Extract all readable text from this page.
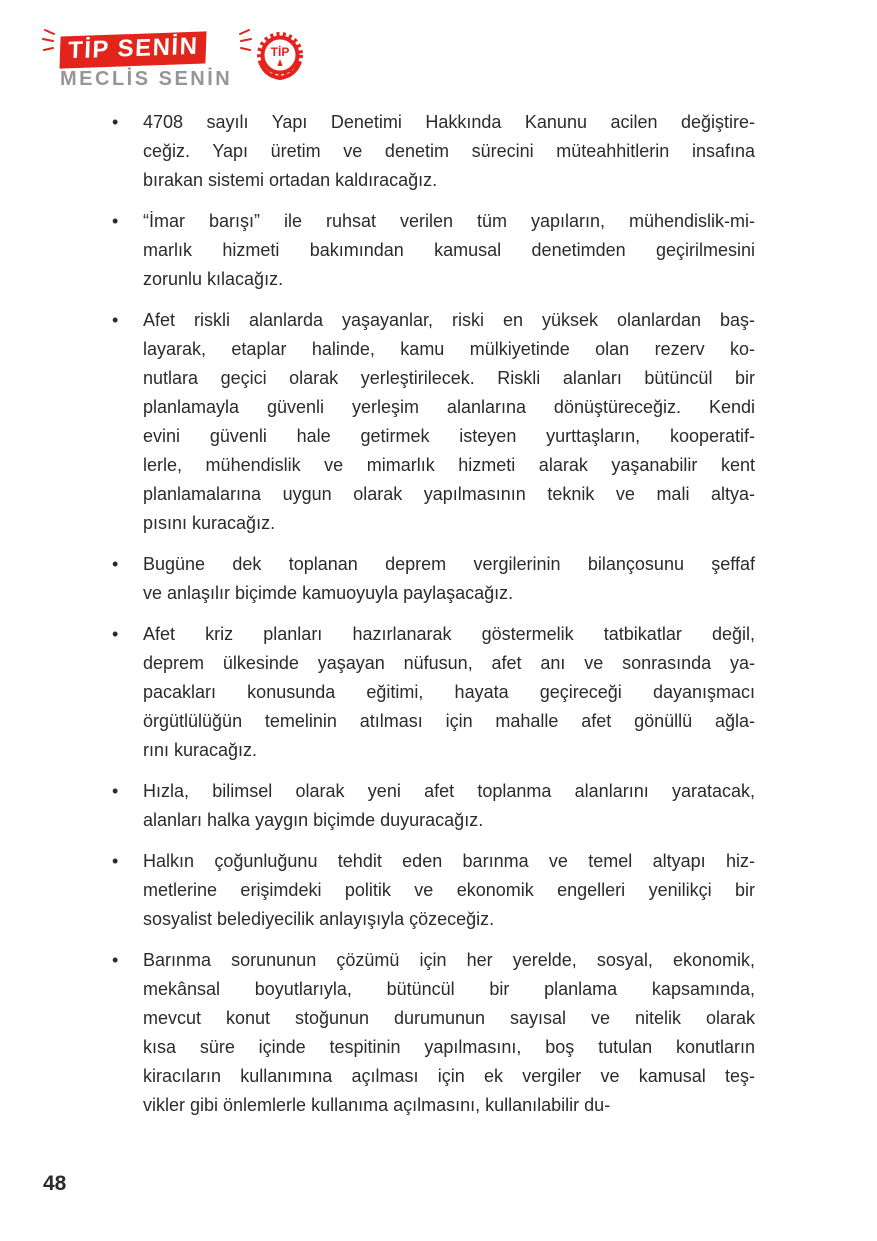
TİP SENİN
MECLİS SENİN
TİP
• 4708 sayılı Yapı Denetimi Hakkında Kanunu acilen değiştire-
ceğiz. Yapı üretim ve denetim sürecini müteahhitlerin insafına
bırakan sistemi ortadan kaldıracağız.
• “İmar barışı” ile ruhsat verilen tüm yapıların, mühendislik-mi-
marlık hizmeti bakımından kamusal denetimden geçirilmesini
zorunlu kılacağız.
• Afet riskli alanlarda yaşayanlar, riski en yüksek olanlardan baş-
layarak, etaplar halinde, kamu mülkiyetinde olan rezerv ko-
nutlara geçici olarak yerleştirilecek. Riskli alanları bütüncül bir
planlamayla güvenli yerleşim alanlarına dönüştüreceğiz. Kendi
evini güvenli hale getirmek isteyen yurttaşların, kooperatif-
lerle, mühendislik ve mimarlık hizmeti alarak yaşanabilir kent
planlamalarına uygun olarak yapılmasının teknik ve mali altya-
pısını kuracağız.
• Bugüne dek toplanan deprem vergilerinin bilançosunu şeffaf
ve anlaşılır biçimde kamuoyuyla paylaşacağız.
• Afet kriz planları hazırlanarak göstermelik tatbikatlar değil,
deprem ülkesinde yaşayan nüfusun, afet anı ve sonrasında ya-
pacakları konusunda eğitimi, hayata geçireceği dayanışmacı
örgütlülüğün temelinin atılması için mahalle afet gönüllü ağla-
rını kuracağız.
• Hızla, bilimsel olarak yeni afet toplanma alanlarını yaratacak,
alanları halka yaygın biçimde duyuracağız.
• Halkın çoğunluğunu tehdit eden barınma ve temel altyapı hiz-
metlerine erişimdeki politik ve ekonomik engelleri yenilikçi bir
sosyalist belediyecilik anlayışıyla çözeceğiz.
• Barınma sorununun çözümü için her yerelde, sosyal, ekonomik,
mekânsal boyutlarıyla, bütüncül bir planlama kapsamında,
mevcut konut stoğunun durumunun sayısal ve nitelik olarak
kısa süre içinde tespitinin yapılmasını, boş tutulan konutların
kiracıların kullanımına açılması için ek vergiler ve kamusal teş-
vikler gibi önlemlerle kullanıma açılmasını, kullanılabilir du-
48
